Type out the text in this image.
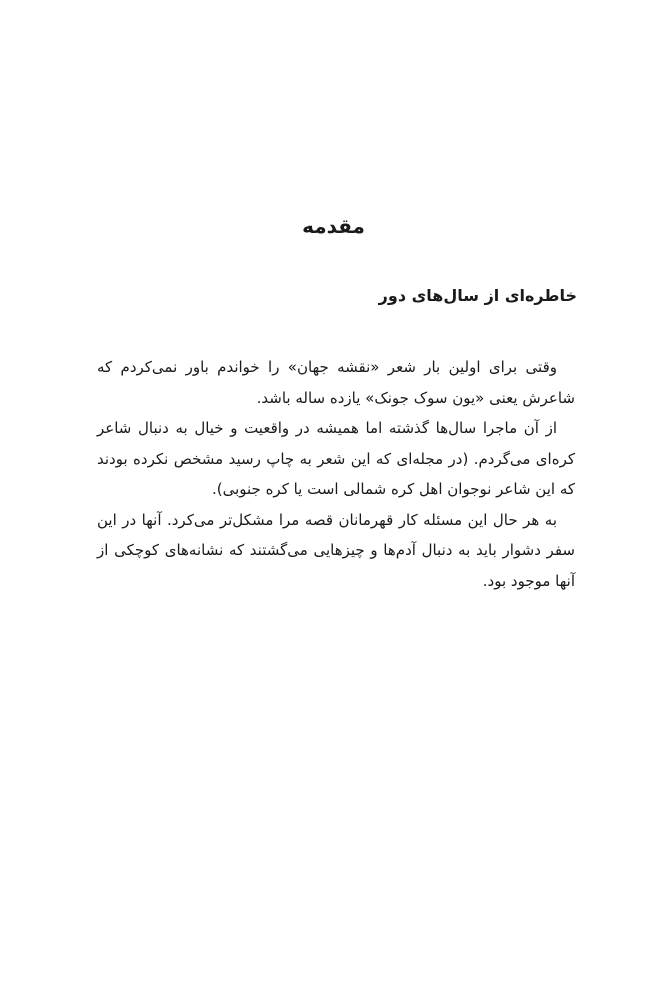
مقدمه
خاطره‌ای از سال‌های دور

وقتی برای اولین بار شعر «نقشه جهان» را خواندم باور نمی‌کردم که شاعرش یعنی «یون سوک جونک» یازده ساله باشد.

از آن ماجرا سال‌ها گذشته اما همیشه در واقعیت و خیال به دنبال شاعر کره‌ای می‌گردم. (در مجله‌ای که این شعر به چاپ رسید مشخص نکرده بودند که این شاعر نوجوان اهل کره شمالی است یا کره جنوبی).

به هر حال این مسئله کار قهرمانان قصه مرا مشکل‌تر می‌کرد. آنها در این سفر دشوار باید به دنبال آدم‌ها و چیزهایی می‌گشتند که نشانه‌های کوچکی از آنها موجود بود.
